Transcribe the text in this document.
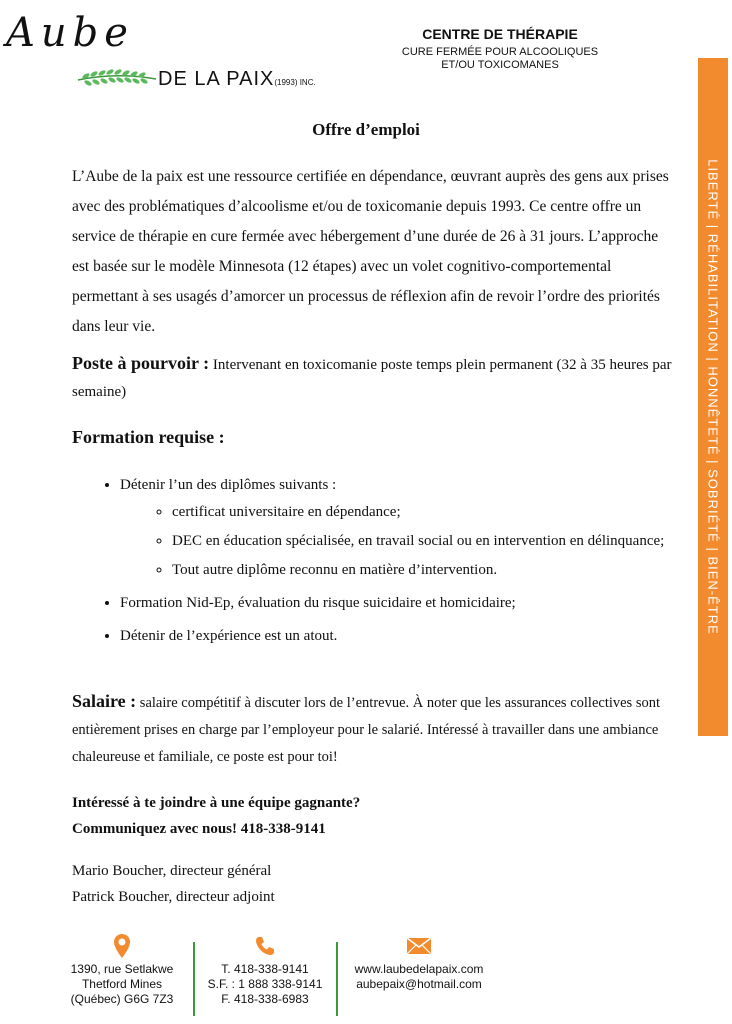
Aube
DE LA PAIX(1993) INC.
CENTRE DE THÉRAPIE
CURE FERMÉE POUR ALCOOLIQUES
ET/OU TOXICOMANES
LIBERTÉ | RÉHABILITATION | HONNÊTETÉ | SOBRIÉTÉ | BIEN-ÊTRE
Offre d’emploi
L’Aube de la paix est une ressource certifiée en dépendance, œuvrant auprès des gens aux prises avec des problématiques d’alcoolisme et/ou de toxicomanie depuis 1993. Ce centre offre un service de thérapie en cure fermée avec hébergement d’une durée de 26 à 31 jours. L’approche est basée sur le modèle Minnesota (12 étapes) avec un volet cognitivo-comportemental permettant à ses usagés d’amorcer un processus de réflexion afin de revoir l’ordre des priorités dans leur vie.
Poste à pourvoir : Intervenant en toxicomanie poste temps plein permanent (32 à 35 heures par semaine)
Formation requise :
• Détenir l’un des diplômes suivants :
◦ certificat universitaire en dépendance;
◦ DEC en éducation spécialisée, en travail social ou en intervention en délinquance;
◦ Tout autre diplôme reconnu en matière d’intervention.
• Formation Nid-Ep, évaluation du risque suicidaire et homicidaire;
• Détenir de l’expérience est un atout.
Salaire : salaire compétitif à discuter lors de l’entrevue. À noter que les assurances collectives sont entièrement prises en charge par l’employeur pour le salarié. Intéressé à travailler dans une ambiance chaleureuse et familiale, ce poste est pour toi!
Intéressé à te joindre à une équipe gagnante?
Communiquez avec nous! 418-338-9141
Mario Boucher, directeur général
Patrick Boucher, directeur adjoint
1390, rue Setlakwe
Thetford Mines
(Québec) G6G 7Z3
T. 418-338-9141
S.F. : 1 888 338-9141
F. 418-338-6983
www.laubedelapaix.com
aubepaix@hotmail.com
